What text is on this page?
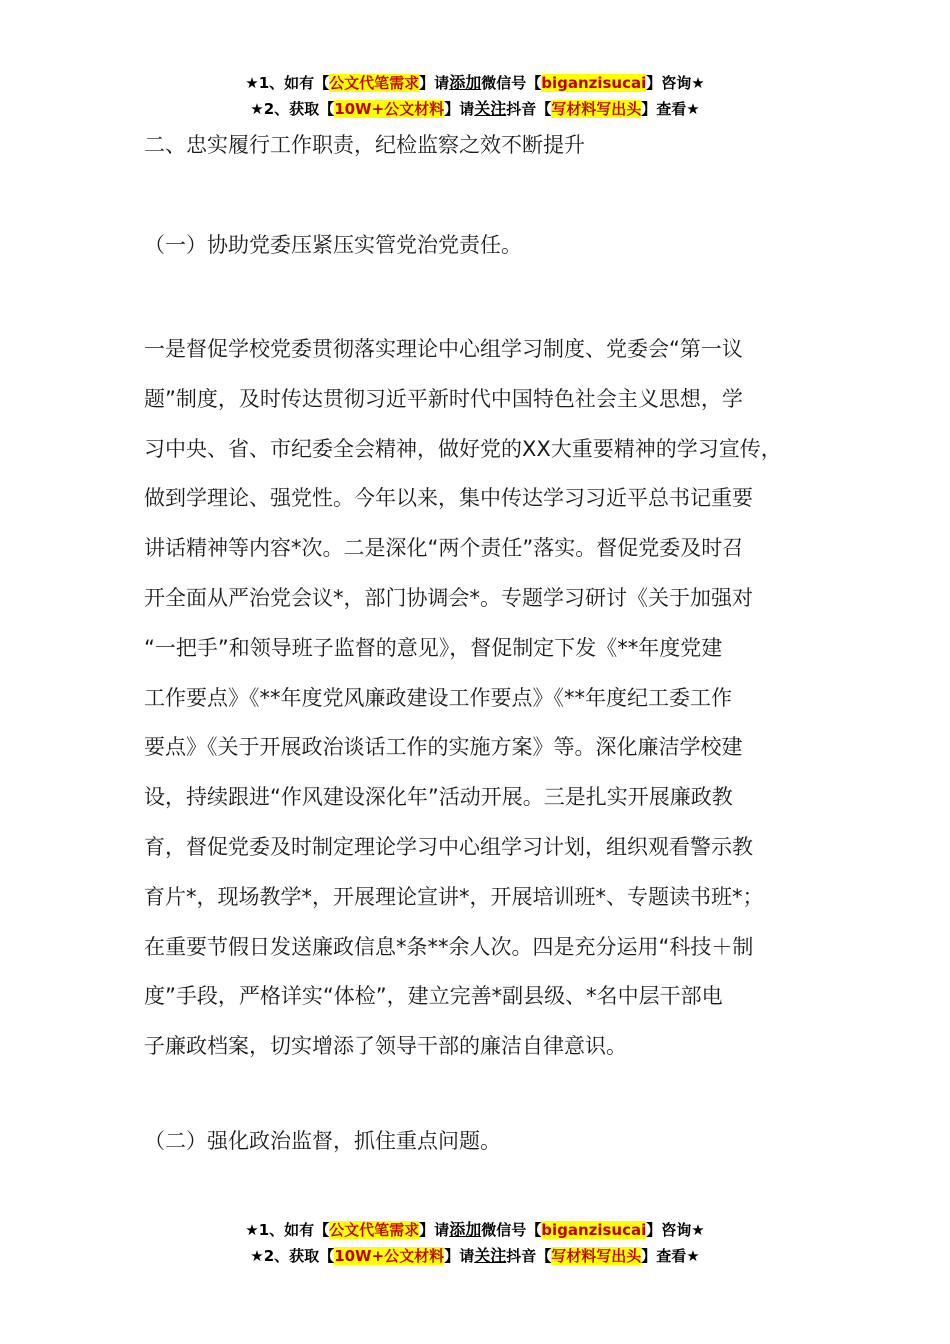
★1、如有【公文代笔需求】请添加微信号【biganzisucai】咨询★
★2、获取【10W+公文材料】请关注抖音【写材料写出头】查看★
二、忠实履行工作职责，纪检监察之效不断提升
（一）协助党委压紧压实管党治党责任。
一是督促学校党委贯彻落实理论中心组学习制度、党委会“第一议
题”制度，及时传达贯彻习近平新时代中国特色社会主义思想，学
习中央、省、市纪委全会精神，做好党的XX大重要精神的学习宣传，
做到学理论、强党性。今年以来，集中传达学习习近平总书记重要
讲话精神等内容*次。二是深化“两个责任”落实。督促党委及时召
开全面从严治党会议*，部门协调会*。专题学习研讨《关于加强对
“一把手”和领导班子监督的意见》，督促制定下发《**年度党建
工作要点》《**年度党风廉政建设工作要点》《**年度纪工委工作
要点》《关于开展政治谈话工作的实施方案》等。深化廉洁学校建
设，持续跟进“作风建设深化年”活动开展。三是扎实开展廉政教
育，督促党委及时制定理论学习中心组学习计划，组织观看警示教
育片*，现场教学*，开展理论宣讲*，开展培训班*、专题读书班*；
在重要节假日发送廉政信息*条**余人次。四是充分运用“科技＋制
度”手段，严格详实“体检”，建立完善*副县级、*名中层干部电
子廉政档案，切实增添了领导干部的廉洁自律意识。
（二）强化政治监督，抓住重点问题。
★1、如有【公文代笔需求】请添加微信号【biganzisucai】咨询★
★2、获取【10W+公文材料】请关注抖音【写材料写出头】查看★
